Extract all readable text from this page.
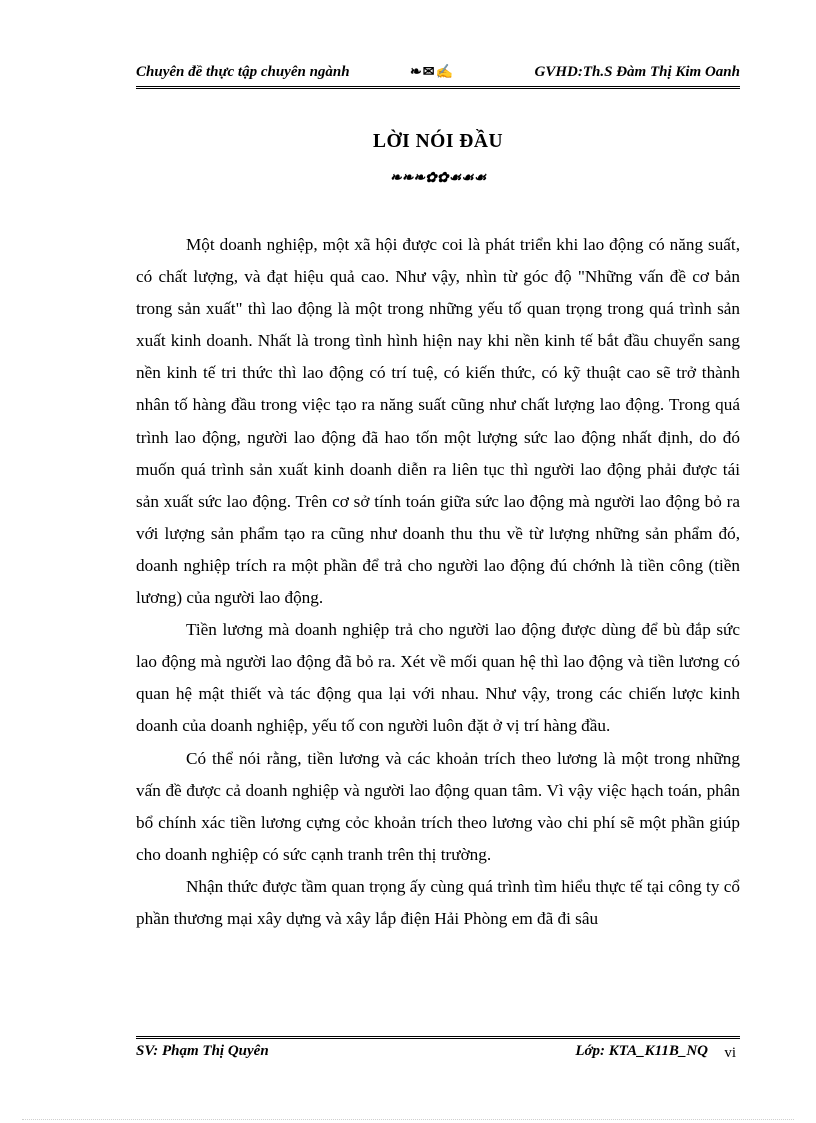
Chuyên đề thực tập chuyên ngành	❧✉✍	GVHD:Th.S Đàm Thị Kim Oanh
LỜI NÓI ĐẦU
❧❧❧✿✿☙☙☙

Một doanh nghiệp, một xã hội được coi là phát triển khi lao động có năng suất, có chất lượng, và đạt hiệu quả cao. Như vậy, nhìn từ góc độ "Những vấn đề cơ bản trong sản xuất" thì lao động là một trong những yếu tố quan trọng trong quá trình sản xuất kinh doanh. Nhất là trong tình hình hiện nay khi nền kinh tế bắt đầu chuyển sang nền kinh tế tri thức thì lao động có trí tuệ, có kiến thức, có kỹ thuật cao sẽ trở thành nhân tố hàng đầu trong việc tạo ra năng suất cũng như chất lượng lao động. Trong quá trình lao động, người lao động đã hao tốn một lượng sức lao động nhất định, do đó muốn quá trình sản xuất kinh doanh diễn ra liên tục thì người lao động phải được tái sản xuất sức lao động. Trên cơ sở tính toán giữa sức lao động mà người lao động bỏ ra với lượng sản phẩm tạo ra cũng như doanh thu thu về từ lượng những sản phẩm đó, doanh nghiệp trích ra một phần để trả cho người lao động đú chớnh là tiền công (tiền lương) của người lao động.

Tiền lương mà doanh nghiệp trả cho người lao động được dùng để bù đắp sức lao động mà người lao động đã bỏ ra. Xét về mối quan hệ thì lao động và tiền lương có quan hệ mật thiết và tác động qua lại với nhau. Như vậy, trong các chiến lược kinh doanh của doanh nghiệp, yếu tố con người luôn đặt ở vị trí hàng đầu.

Có thể nói rằng, tiền lương và các khoản trích theo lương là một trong những vấn đề được cả doanh nghiệp và người lao động quan tâm. Vì vậy việc hạch toán, phân bổ chính xác tiền lương cựng cỏc khoản trích theo lương vào chi phí sẽ một phần giúp cho doanh nghiệp có sức cạnh tranh trên thị trường.

Nhận thức được tầm quan trọng ấy cùng quá trình tìm hiểu thực tế tại công ty cổ phần thương mại xây dựng và xây lắp điện Hải Phòng em đã đi sâu

SV: Phạm Thị Quyên	Lớp: KTA_K11B_NQ vi
